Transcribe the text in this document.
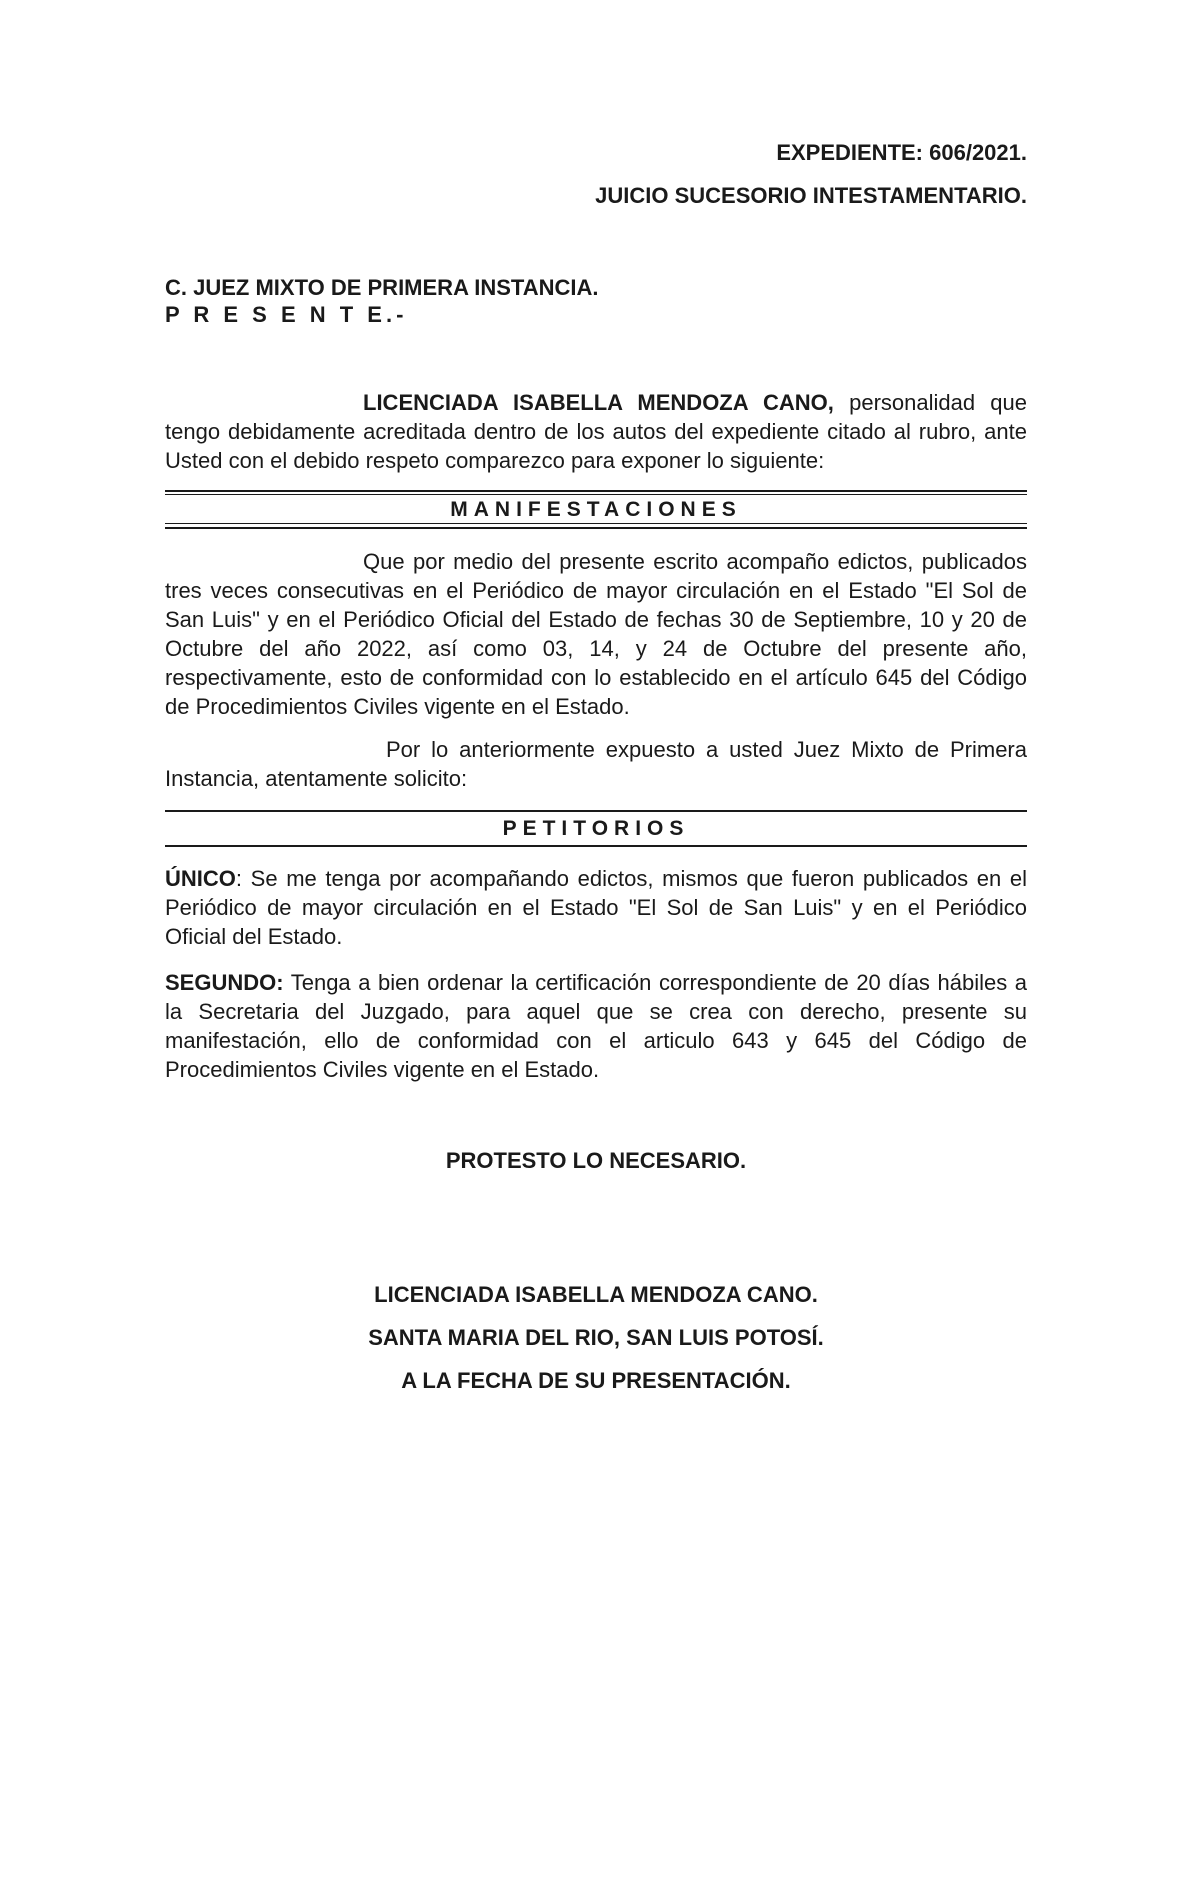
EXPEDIENTE: 606/2021.
JUICIO SUCESORIO INTESTAMENTARIO.
C. JUEZ MIXTO DE PRIMERA INSTANCIA.
P R E S E N T E.-
LICENCIADA ISABELLA MENDOZA CANO, personalidad que tengo debidamente acreditada dentro de los autos del expediente citado al rubro, ante Usted con el debido respeto comparezco para exponer lo siguiente:
MANIFESTACIONES
Que por medio del presente escrito acompaño edictos, publicados tres veces consecutivas en el Periódico de mayor circulación en el Estado "El Sol de San Luis" y en el Periódico Oficial del Estado de fechas 30 de Septiembre, 10 y 20 de Octubre del año 2022, así como 03, 14, y 24 de Octubre del presente año, respectivamente, esto de conformidad con lo establecido en el artículo 645 del Código de Procedimientos Civiles vigente en el Estado.
Por lo anteriormente expuesto a usted Juez Mixto de Primera Instancia, atentamente solicito:
PETITORIOS
ÚNICO: Se me tenga por acompañando edictos, mismos que fueron publicados en el Periódico de mayor circulación en el Estado "El Sol de San Luis" y en el Periódico Oficial del Estado.
SEGUNDO: Tenga a bien ordenar la certificación correspondiente de 20 días hábiles a la Secretaria del Juzgado, para aquel que se crea con derecho, presente su manifestación, ello de conformidad con el articulo 643 y 645 del Código de Procedimientos Civiles vigente en el Estado.
PROTESTO LO NECESARIO.
LICENCIADA ISABELLA MENDOZA CANO.
SANTA MARIA DEL RIO, SAN LUIS POTOSÍ.
A LA FECHA DE SU PRESENTACIÓN.
